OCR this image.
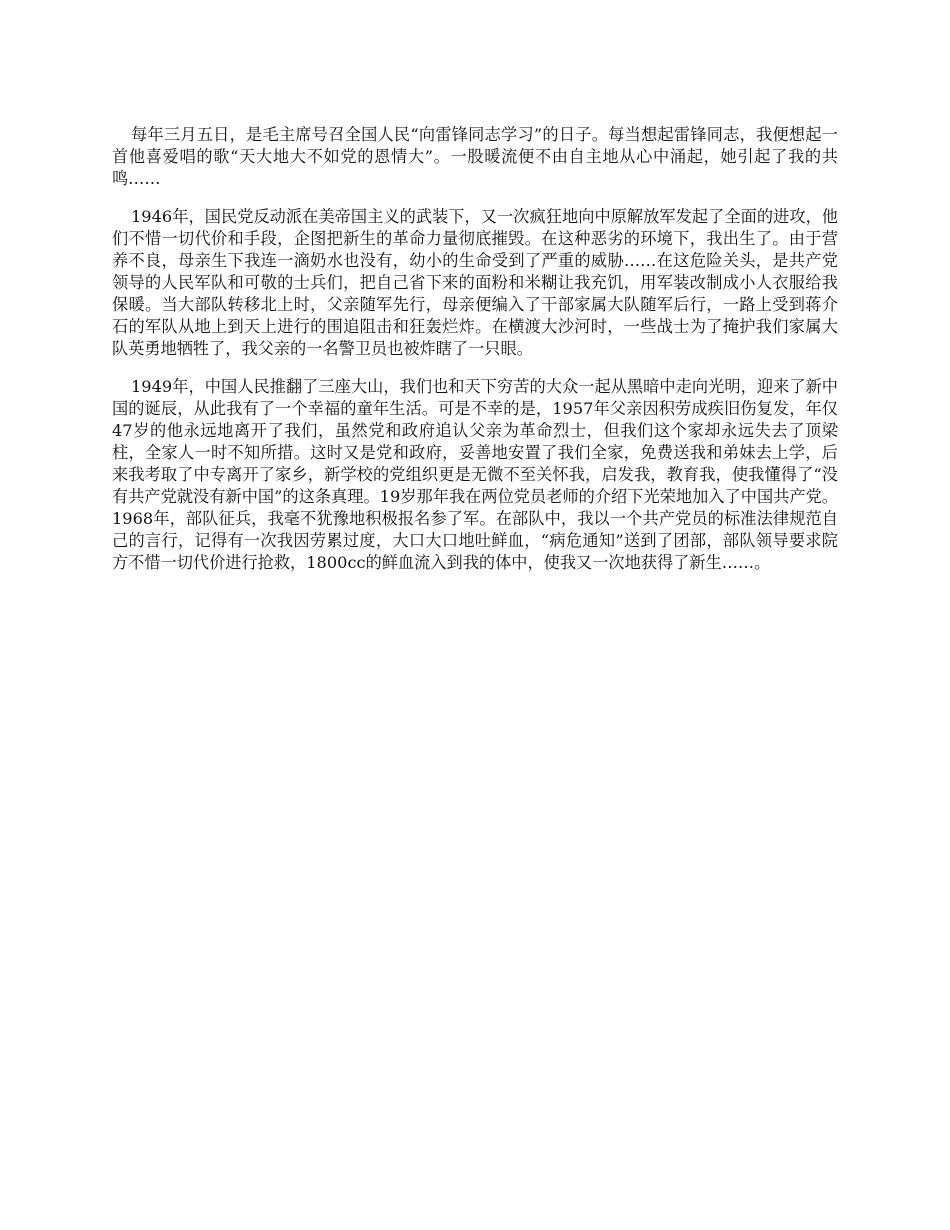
每年三月五日，是毛主席号召全国人民“向雷锋同志学习”的日子。每当想起雷锋同志，我便想起一首他喜爱唱的歌“天大地大不如党的恩情大”。一股暖流便不由自主地从心中涌起，她引起了我的共鸣……

1946年，国民党反动派在美帝国主义的武装下，又一次疯狂地向中原解放军发起了全面的进攻，他们不惜一切代价和手段，企图把新生的革命力量彻底摧毁。在这种恶劣的环境下，我出生了。由于营养不良，母亲生下我连一滴奶水也没有，幼小的生命受到了严重的威胁……在这危险关头，是共产党领导的人民军队和可敬的士兵们，把自己省下来的面粉和米糊让我充饥，用军装改制成小人衣服给我保暖。当大部队转移北上时，父亲随军先行，母亲便编入了干部家属大队随军后行，一路上受到蒋介石的军队从地上到天上进行的围追阻击和狂轰烂炸。在横渡大沙河时，一些战士为了掩护我们家属大队英勇地牺牲了，我父亲的一名警卫员也被炸瞎了一只眼。

1949年，中国人民推翻了三座大山，我们也和天下穷苦的大众一起从黑暗中走向光明，迎来了新中国的诞辰，从此我有了一个幸福的童年生活。可是不幸的是，1957年父亲因积劳成疾旧伤复发，年仅47岁的他永远地离开了我们，虽然党和政府追认父亲为革命烈士，但我们这个家却永远失去了顶梁柱，全家人一时不知所措。这时又是党和政府，妥善地安置了我们全家，免费送我和弟妹去上学，后来我考取了中专离开了家乡，新学校的党组织更是无微不至关怀我，启发我，教育我，使我懂得了“没有共产党就没有新中国”的这条真理。19岁那年我在两位党员老师的介绍下光荣地加入了中国共产党。1968年，部队征兵，我毫不犹豫地积极报名参了军。在部队中，我以一个共产党员的标准法律规范自己的言行，记得有一次我因劳累过度，大口大口地吐鲜血，“病危通知”送到了团部，部队领导要求院方不惜一切代价进行抢救，1800cc的鲜血流入到我的体中，使我又一次地获得了新生……。
